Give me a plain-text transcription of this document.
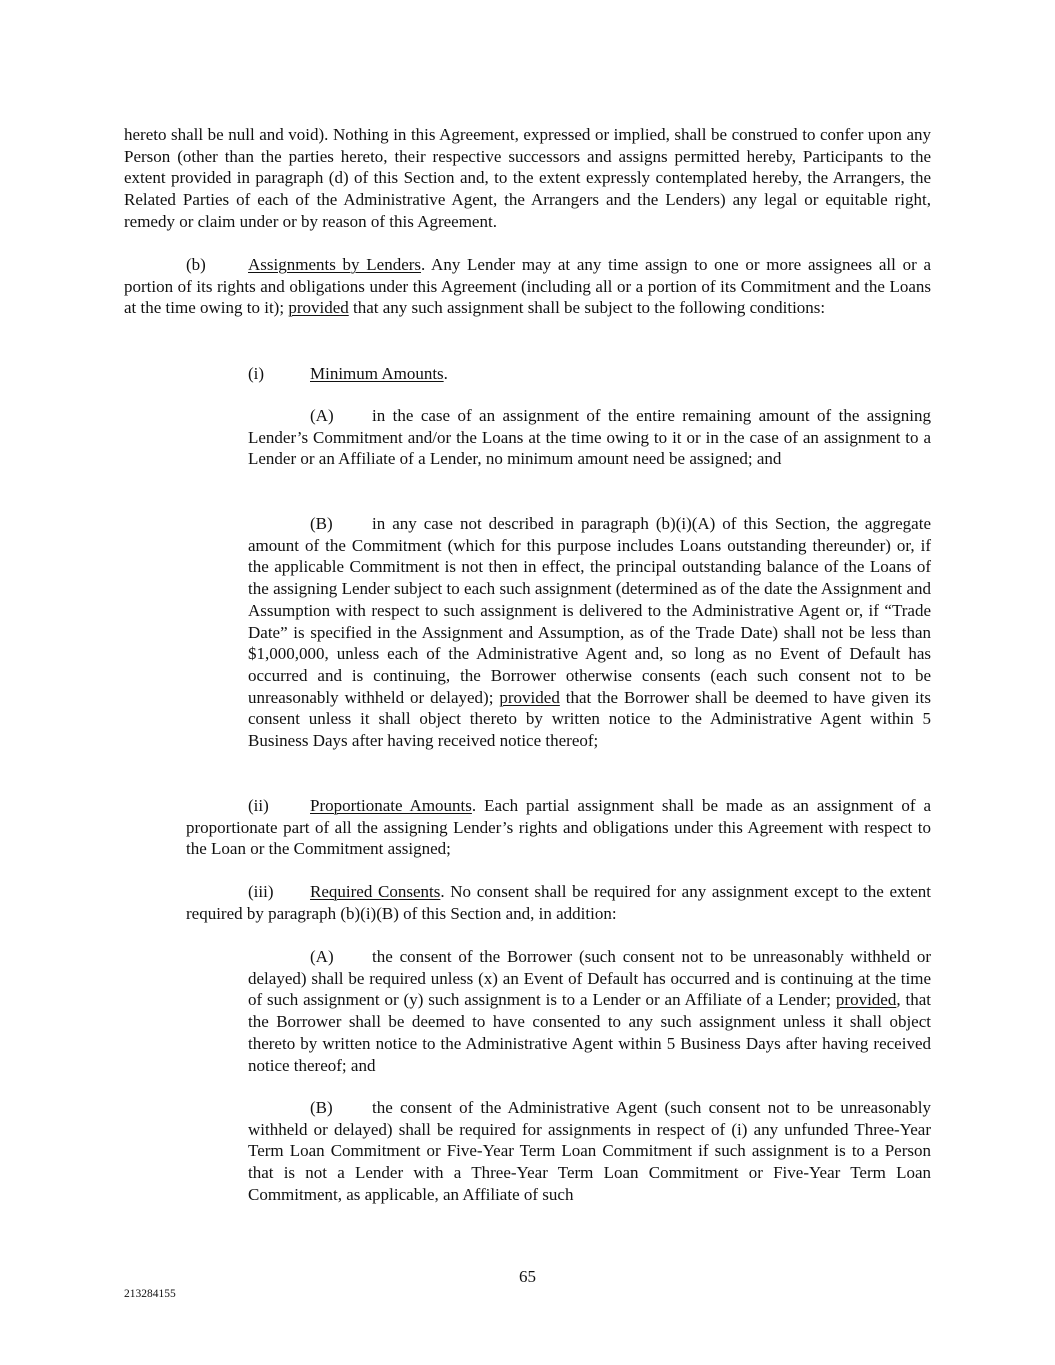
hereto shall be null and void). Nothing in this Agreement, expressed or implied, shall be construed to confer upon any Person (other than the parties hereto, their respective successors and assigns permitted hereby, Participants to the extent provided in paragraph (d) of this Section and, to the extent expressly contemplated hereby, the Arrangers, the Related Parties of each of the Administrative Agent, the Arrangers and the Lenders) any legal or equitable right, remedy or claim under or by reason of this Agreement.

(b) Assignments by Lenders. Any Lender may at any time assign to one or more assignees all or a portion of its rights and obligations under this Agreement (including all or a portion of its Commitment and the Loans at the time owing to it); provided that any such assignment shall be subject to the following conditions:

(i)	Minimum Amounts.

(A) in the case of an assignment of the entire remaining amount of the assigning Lender’s Commitment and/or the Loans at the time owing to it or in the case of an assignment to a Lender or an Affiliate of a Lender, no minimum amount need be assigned; and

(B) in any case not described in paragraph (b)(i)(A) of this Section, the aggregate amount of the Commitment (which for this purpose includes Loans outstanding thereunder) or, if the applicable Commitment is not then in effect, the principal outstanding balance of the Loans of the assigning Lender subject to each such assignment (determined as of the date the Assignment and Assumption with respect to such assignment is delivered to the Administrative Agent or, if “Trade Date” is specified in the Assignment and Assumption, as of the Trade Date) shall not be less than $1,000,000, unless each of the Administrative Agent and, so long as no Event of Default has occurred and is continuing, the Borrower otherwise consents (each such consent not to be unreasonably withheld or delayed); provided that the Borrower shall be deemed to have given its consent unless it shall object thereto by written notice to the Administrative Agent within 5 Business Days after having received notice thereof;

(ii) Proportionate Amounts. Each partial assignment shall be made as an assignment of a proportionate part of all the assigning Lender’s rights and obligations under this Agreement with respect to the Loan or the Commitment assigned;

(iii) Required Consents. No consent shall be required for any assignment except to the extent required by paragraph (b)(i)(B) of this Section and, in addition:

(A) the consent of the Borrower (such consent not to be unreasonably withheld or delayed) shall be required unless (x) an Event of Default has occurred and is continuing at the time of such assignment or (y) such assignment is to a Lender or an Affiliate of a Lender; provided, that the Borrower shall be deemed to have consented to any such assignment unless it shall object thereto by written notice to the Administrative Agent within 5 Business Days after having received notice thereof; and

(B) the consent of the Administrative Agent (such consent not to be unreasonably withheld or delayed) shall be required for assignments in respect of (i) any unfunded Three-Year Term Loan Commitment or Five-Year Term Loan Commitment if such assignment is to a Person that is not a Lender with a Three-Year Term Loan Commitment or Five-Year Term Loan Commitment, as applicable, an Affiliate of such

65
213284155
